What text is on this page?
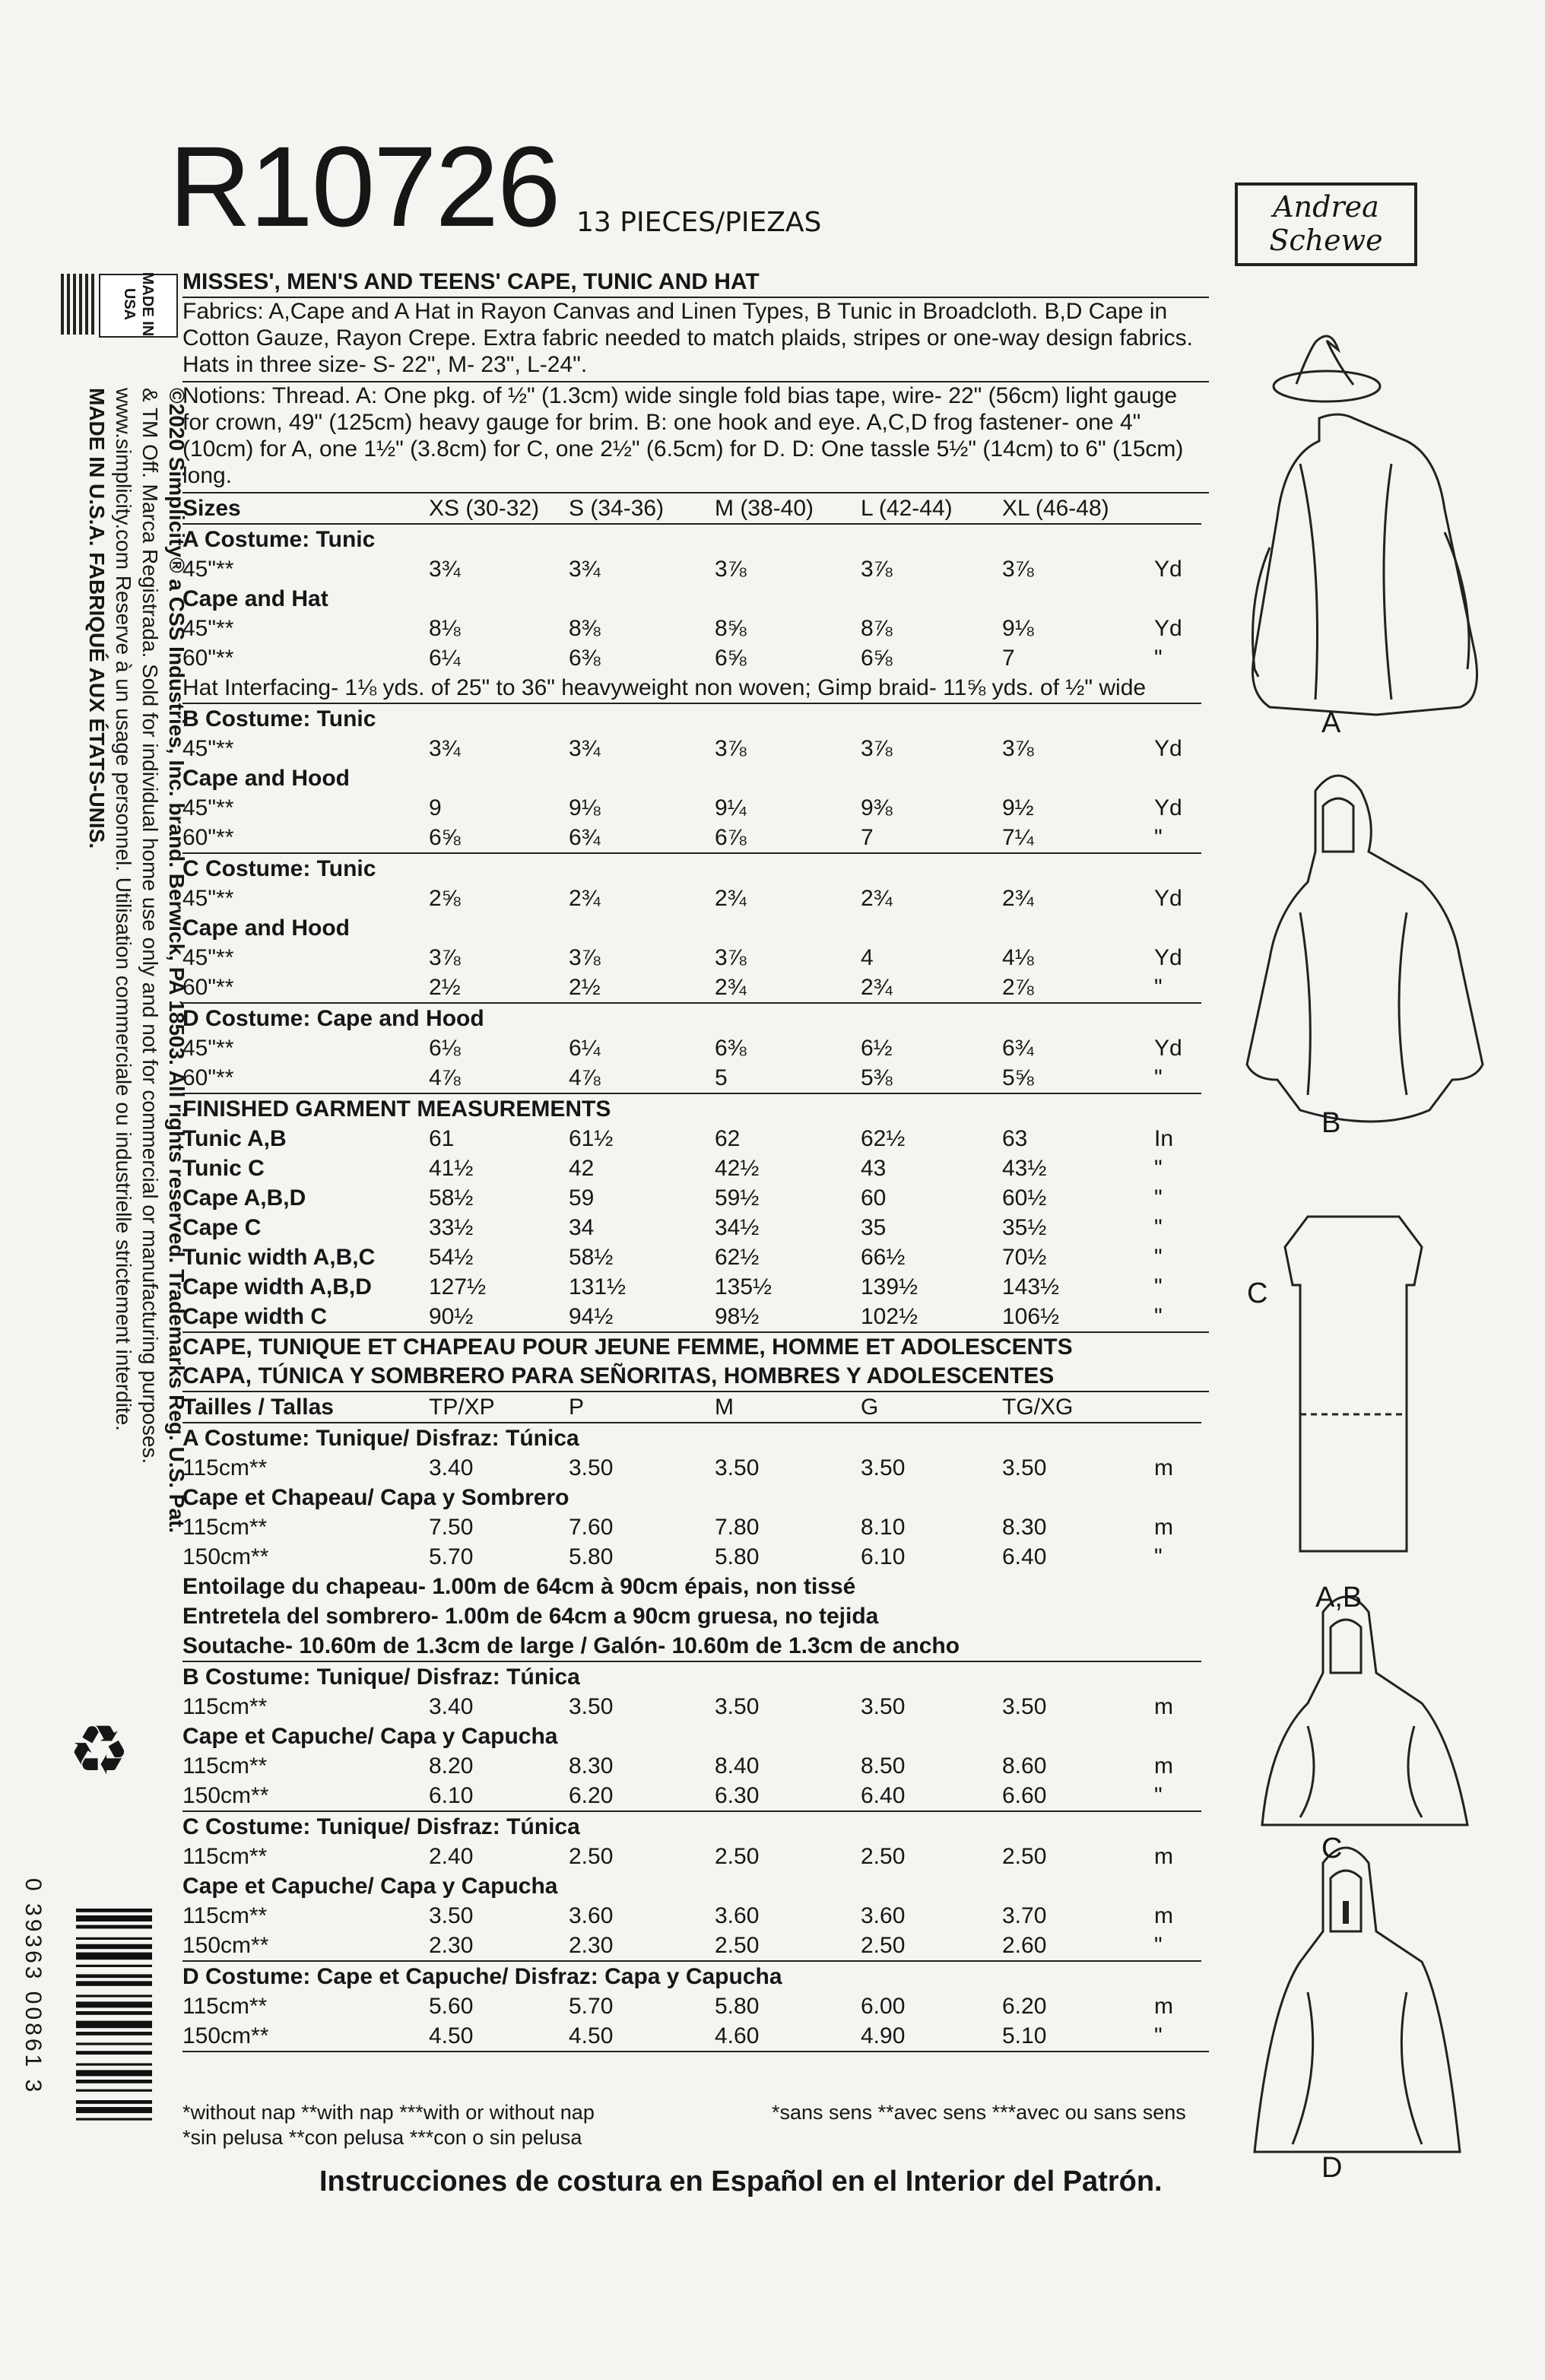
R10726 13 PIECES/PIEZAS	Andrea
Schewe
MADE IN
USA
©2020 Simplicity® a CSS Industries, Inc. brand. Berwick, PA 18503. All rights reserved. Trademarks Reg. U.S. Pat.
& TM Off. Marca Registrada. Sold for individual home use only and not for commercial or manufacturing purposes.
www.simplicity.com Reserve à un usage personnel. Utilisation commerciale ou industrielle strictement interdite.
MADE IN U.S.A. FABRIQUÉ AUX ÉTATS-UNIS.
♻
0 39363 00861 3
MISSES', MEN'S AND TEENS' CAPE, TUNIC AND HAT
Fabrics: A,Cape and A Hat in Rayon Canvas and Linen Types, B Tunic in Broadcloth. B,D Cape in Cotton Gauze, Rayon Crepe. Extra fabric needed to match plaids, stripes or one-way design fabrics. Hats in three size- S- 22", M- 23", L-24".
Notions: Thread. A: One pkg. of ½" (1.3cm) wide single fold bias tape, wire- 22" (56cm) light gauge for crown, 49" (125cm) heavy gauge for brim. B: one hook and eye. A,C,D frog fastener- one 4" (10cm) for A, one 1½" (3.8cm) for C, one 2½" (6.5cm) for D. D: One tassle 5½" (14cm) to 6" (15cm) long.
Sizes	XS (30-32)	S (34-36)	M (38-40)	L (42-44)	XL (46-48)	
A Costume: Tunic						
45"**	3¾	3¾	3⅞	3⅞	3⅞	Yd
Cape and Hat						
45"**	8⅛	8⅜	8⅝	8⅞	9⅛	Yd
60"**	6¼	6⅜	6⅝	6⅝	7	"
Hat Interfacing- 1⅛ yds. of 25" to 36" heavyweight non woven; Gimp braid- 11⅝ yds. of ½" wide						
B Costume: Tunic						
45"**	3¾	3¾	3⅞	3⅞	3⅞	Yd
Cape and Hood						
45"**	9	9⅛	9¼	9⅜	9½	Yd
60"**	6⅝	6¾	6⅞	7	7¼	"
C Costume: Tunic						
45"**	2⅝	2¾	2¾	2¾	2¾	Yd
Cape and Hood						
45"**	3⅞	3⅞	3⅞	4	4⅛	Yd
60"**	2½	2½	2¾	2¾	2⅞	"
D Costume: Cape and Hood						
45"**	6⅛	6¼	6⅜	6½	6¾	Yd
60"**	4⅞	4⅞	5	5⅜	5⅝	"
FINISHED GARMENT MEASUREMENTS						
Tunic A,B	61	61½	62	62½	63	In
Tunic C	41½	42	42½	43	43½	"
Cape A,B,D	58½	59	59½	60	60½	"
Cape C	33½	34	34½	35	35½	"
Tunic width A,B,C	54½	58½	62½	66½	70½	"
Cape width A,B,D	127½	131½	135½	139½	143½	"
Cape width C	90½	94½	98½	102½	106½	"
CAPE, TUNIQUE ET CHAPEAU POUR JEUNE FEMME, HOMME ET ADOLESCENTS
CAPA, TÚNICA Y SOMBRERO PARA SEÑORITAS, HOMBRES Y ADOLESCENTES
Tailles / Tallas	TP/XP	P	M	G	TG/XG	
A Costume: Tunique/ Disfraz: Túnica						
115cm**	3.40	3.50	3.50	3.50	3.50	m
Cape et Chapeau/ Capa y Sombrero						
115cm**	7.50	7.60	7.80	8.10	8.30	m
150cm**	5.70	5.80	5.80	6.10	6.40	"
Entoilage du chapeau- 1.00m de 64cm à 90cm épais, non tissé						
Entretela del sombrero- 1.00m de 64cm a 90cm gruesa, no tejida						
Soutache- 10.60m de 1.3cm de large / Galón- 10.60m de 1.3cm de ancho						
B Costume: Tunique/ Disfraz: Túnica						
115cm**	3.40	3.50	3.50	3.50	3.50	m
Cape et Capuche/ Capa y Capucha						
115cm**	8.20	8.30	8.40	8.50	8.60	m
150cm**	6.10	6.20	6.30	6.40	6.60	"
C Costume: Tunique/ Disfraz: Túnica						
115cm**	2.40	2.50	2.50	2.50	2.50	m
Cape et Capuche/ Capa y Capucha						
115cm**	3.50	3.60	3.60	3.60	3.70	m
150cm**	2.30	2.30	2.50	2.50	2.60	"
D Costume: Cape et Capuche/ Disfraz: Capa y Capucha						
115cm**	5.60	5.70	5.80	6.00	6.20	m
150cm**	4.50	4.50	4.60	4.90	5.10	"
*without nap **with nap ***with or without nap
*sin pelusa **con pelusa ***con o sin pelusa
*sans sens **avec sens ***avec ou sans sens
Instrucciones de costura en Español en el Interior del Patrón.
A
B
C
A,B
C
D
